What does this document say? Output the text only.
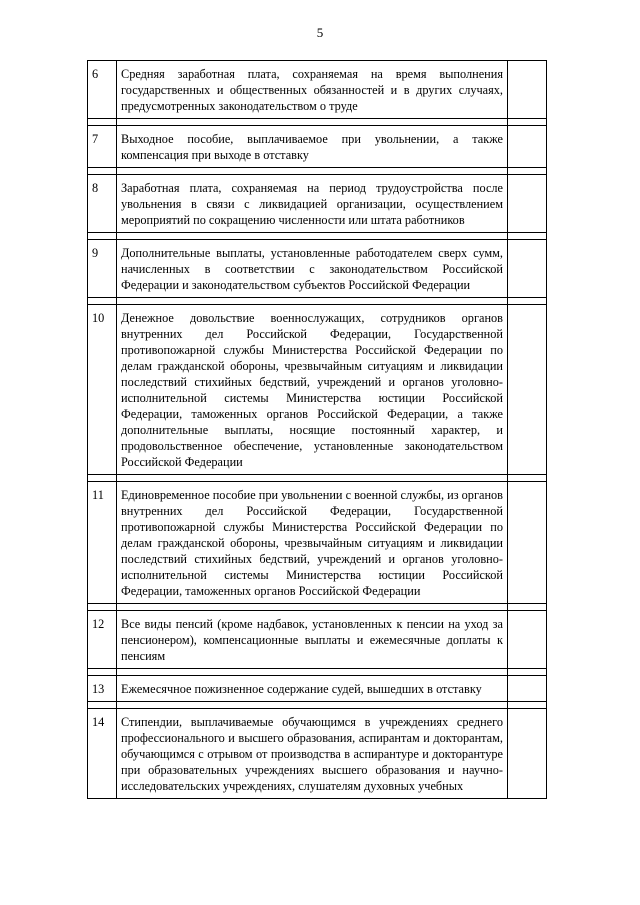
5
6	Средняя заработная плата, сохраняемая на время выполнения государственных и общественных обязанностей и в других случаях, предусмотренных законодательством о труде	

7	Выходное пособие, выплачиваемое при увольнении, а также компенсация при выходе в отставку	

8	Заработная плата, сохраняемая на период трудоустройства после увольнения в связи с ликвидацией организации, осуществлением мероприятий по сокращению численности или штата работников	

9	Дополнительные выплаты, установленные работодателем сверх сумм, начисленных в соответствии с законодательством Российской Федерации и законодательством субъектов Российской Федерации	

10	Денежное довольствие военнослужащих, сотрудников органов внутренних дел Российской Федерации, Государственной противопожарной службы Министерства Российской Федерации по делам гражданской обороны, чрезвычайным ситуациям и ликвидации последствий стихийных бедствий, учреждений и органов уголовно-исполнительной системы Министерства юстиции Российской Федерации, таможенных органов Российской Федерации, а также дополнительные выплаты, носящие постоянный характер, и продовольственное обеспечение, установленные законодательством Российской Федерации	

11	Единовременное пособие при увольнении с военной службы, из органов внутренних дел Российской Федерации, Государственной противопожарной службы Министерства Российской Федерации по делам гражданской обороны, чрезвычайным ситуациям и ликвидации последствий стихийных бедствий, учреждений и органов уголовно-исполнительной системы Министерства юстиции Российской Федерации, таможенных органов Российской Федерации	

12	Все виды пенсий (кроме надбавок, установленных к пенсии на уход за пенсионером), компенсационные выплаты и ежемесячные доплаты к пенсиям	

13	Ежемесячное пожизненное содержание судей, вышедших в отставку	

14	Стипендии, выплачиваемые обучающимся в учреждениях среднего профессионального и высшего образования, аспирантам и докторантам, обучающимся с отрывом от производства в аспирантуре и докторантуре при образовательных учреждениях высшего образования и научно-исследовательских учреждениях, слушателям духовных учебных	
